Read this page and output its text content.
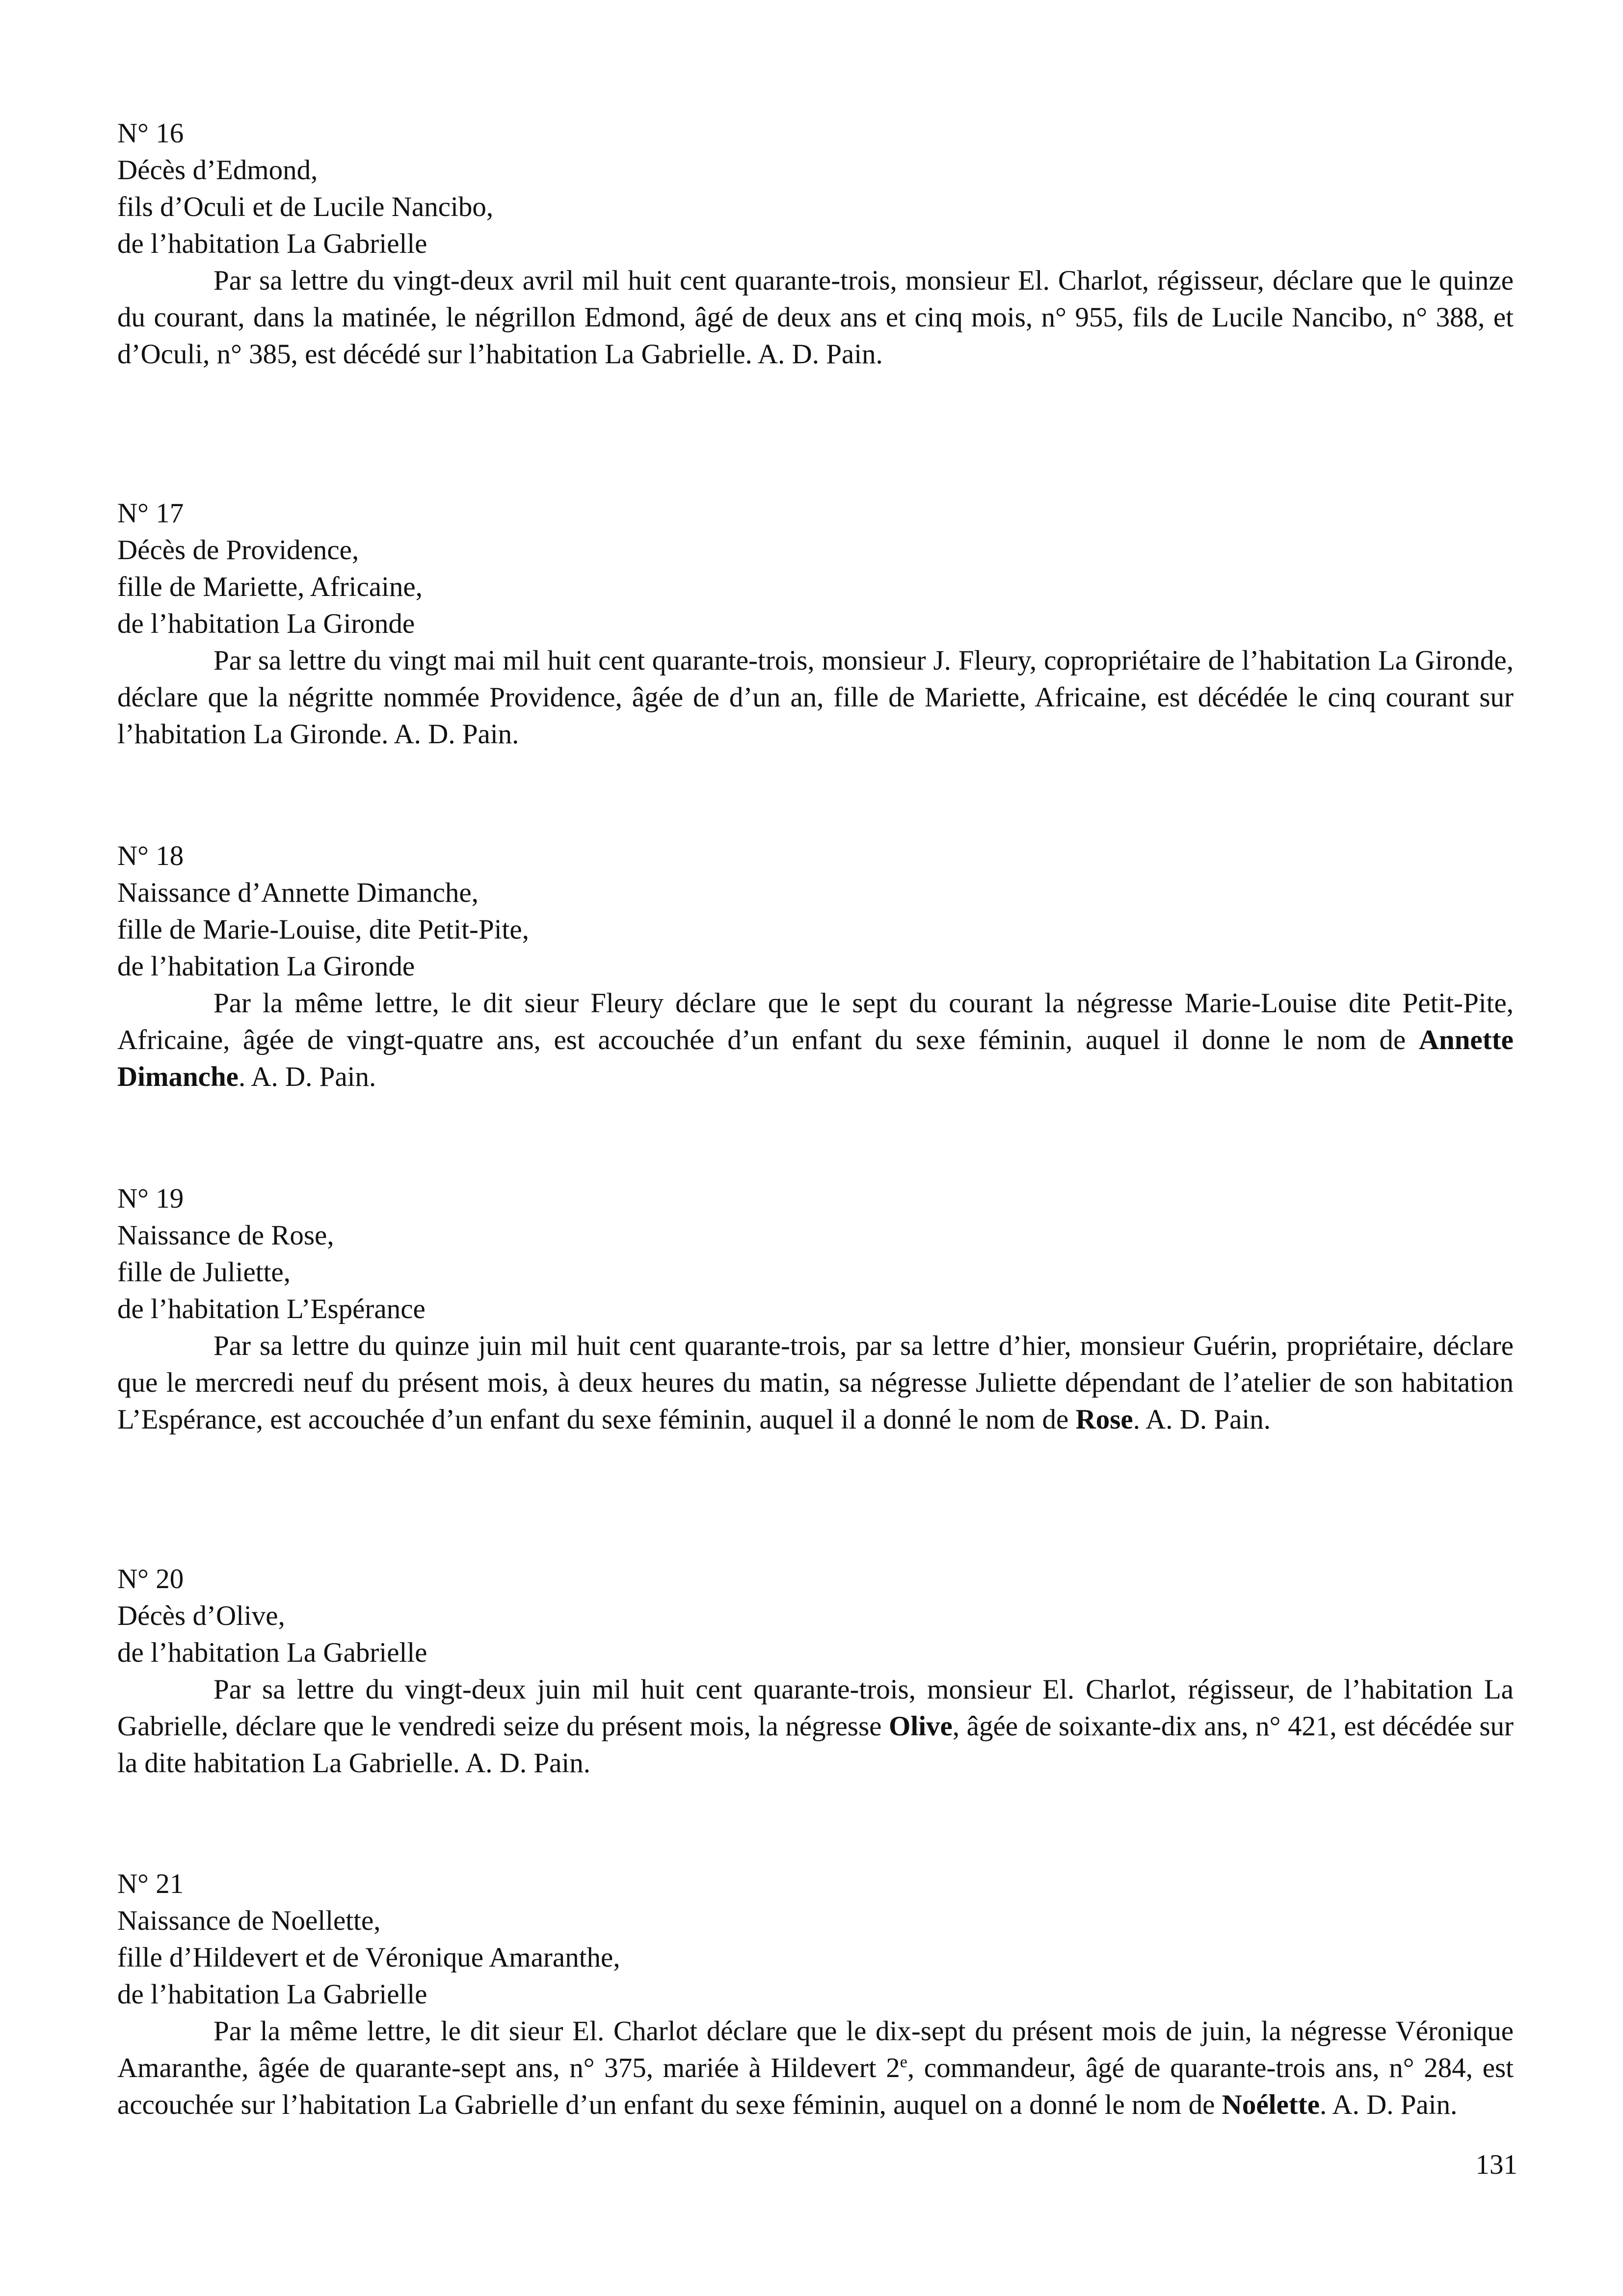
N° 16
Décès d’Edmond,
fils d’Oculi et de Lucile Nancibo,
de l’habitation La Gabrielle

Par sa lettre du vingt-deux avril mil huit cent quarante-trois, monsieur El. Charlot, régisseur, déclare que le quinze du courant, dans la matinée, le négrillon Edmond, âgé de deux ans et cinq mois, n° 955, fils de Lucile Nancibo, n° 388, et d’Oculi, n° 385, est décédé sur l’habitation La Gabrielle. A. D. Pain.

N° 17
Décès de Providence,
fille de Mariette, Africaine,
de l’habitation La Gironde

Par sa lettre du vingt mai mil huit cent quarante-trois, monsieur J. Fleury, copropriétaire de l’habitation La Gironde, déclare que la négritte nommée Providence, âgée de d’un an, fille de Mariette, Africaine, est décédée le cinq courant sur l’habitation La Gironde. A. D. Pain.

N° 18
Naissance d’Annette Dimanche,
fille de Marie-Louise, dite Petit-Pite,
de l’habitation La Gironde

Par la même lettre, le dit sieur Fleury déclare que le sept du courant la négresse Marie-Louise dite Petit-Pite, Africaine, âgée de vingt-quatre ans, est accouchée d’un enfant du sexe féminin, auquel il donne le nom de Annette Dimanche. A. D. Pain.

N° 19
Naissance de Rose,
fille de Juliette,
de l’habitation L’Espérance

Par sa lettre du quinze juin mil huit cent quarante-trois, par sa lettre d’hier, monsieur Guérin, propriétaire, déclare que le mercredi neuf du présent mois, à deux heures du matin, sa négresse Juliette dépendant de l’atelier de son habitation L’Espérance, est accouchée d’un enfant du sexe féminin, auquel il a donné le nom de Rose. A. D. Pain.

N° 20
Décès d’Olive,
de l’habitation La Gabrielle

Par sa lettre du vingt-deux juin mil huit cent quarante-trois, monsieur El. Charlot, régisseur, de l’habitation La Gabrielle, déclare que le vendredi seize du présent mois, la négresse Olive, âgée de soixante-dix ans, n° 421, est décédée sur la dite habitation La Gabrielle. A. D. Pain.

N° 21
Naissance de Noellette,
fille d’Hildevert et de Véronique Amaranthe,
de l’habitation La Gabrielle

Par la même lettre, le dit sieur El. Charlot déclare que le dix-sept du présent mois de juin, la négresse Véronique Amaranthe, âgée de quarante-sept ans, n° 375, mariée à Hildevert 2e, commandeur, âgé de quarante-trois ans, n° 284, est accouchée sur l’habitation La Gabrielle d’un enfant du sexe féminin, auquel on a donné le nom de Noélette. A. D. Pain.

131
